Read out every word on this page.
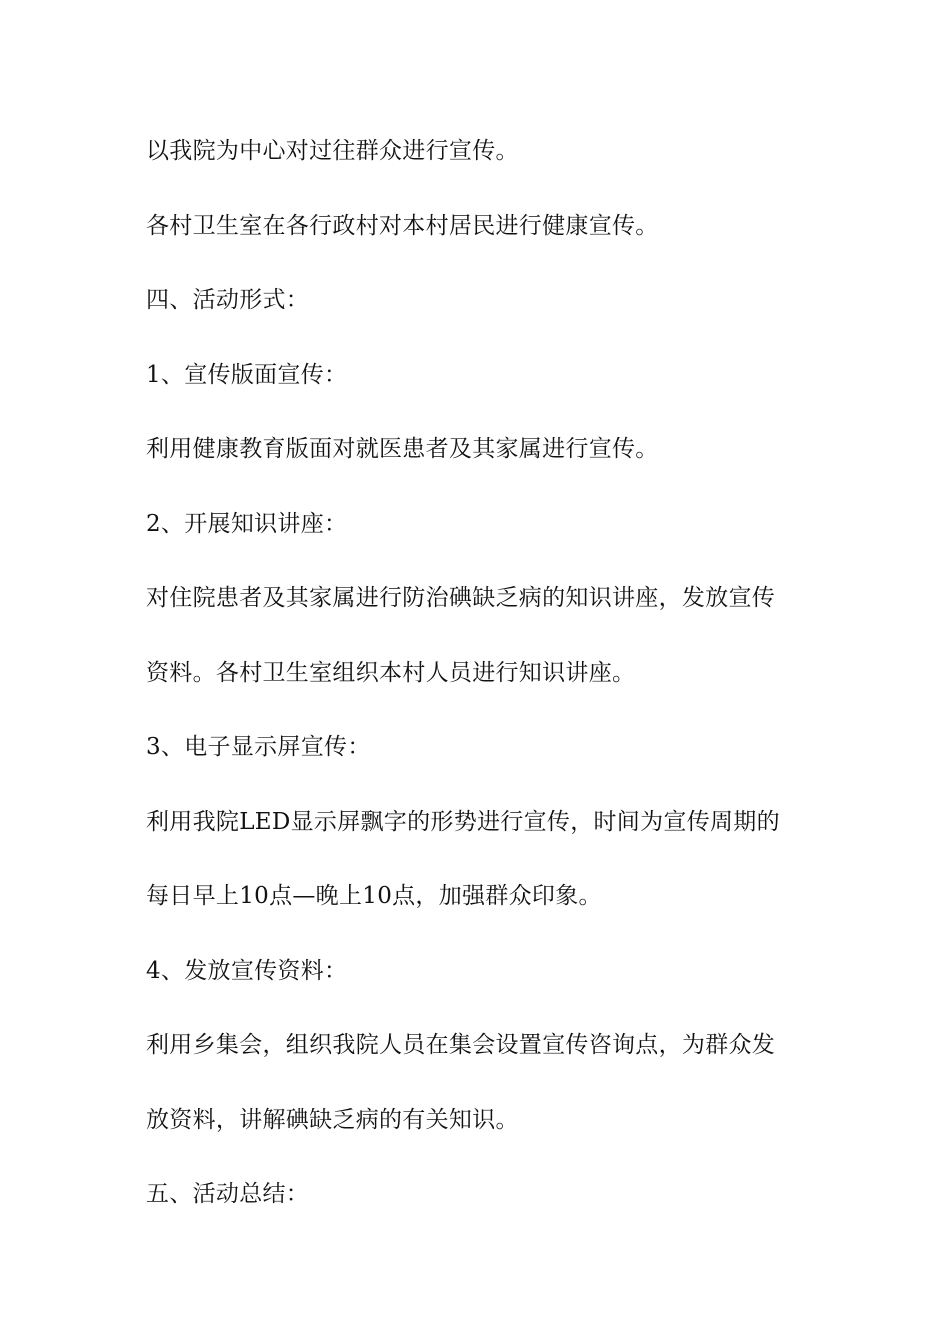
以我院为中心对过往群众进行宣传。
各村卫生室在各行政村对本村居民进行健康宣传。
四、活动形式：
1、宣传版面宣传：
利用健康教育版面对就医患者及其家属进行宣传。
2、开展知识讲座：
对住院患者及其家属进行防治碘缺乏病的知识讲座，发放宣传
资料。各村卫生室组织本村人员进行知识讲座。
3、电子显示屏宣传：
利用我院LED显示屏飘字的形势进行宣传，时间为宣传周期的
每日早上10点—晚上10点，加强群众印象。
4、发放宣传资料：
利用乡集会，组织我院人员在集会设置宣传咨询点，为群众发
放资料，讲解碘缺乏病的有关知识。
五、活动总结：
